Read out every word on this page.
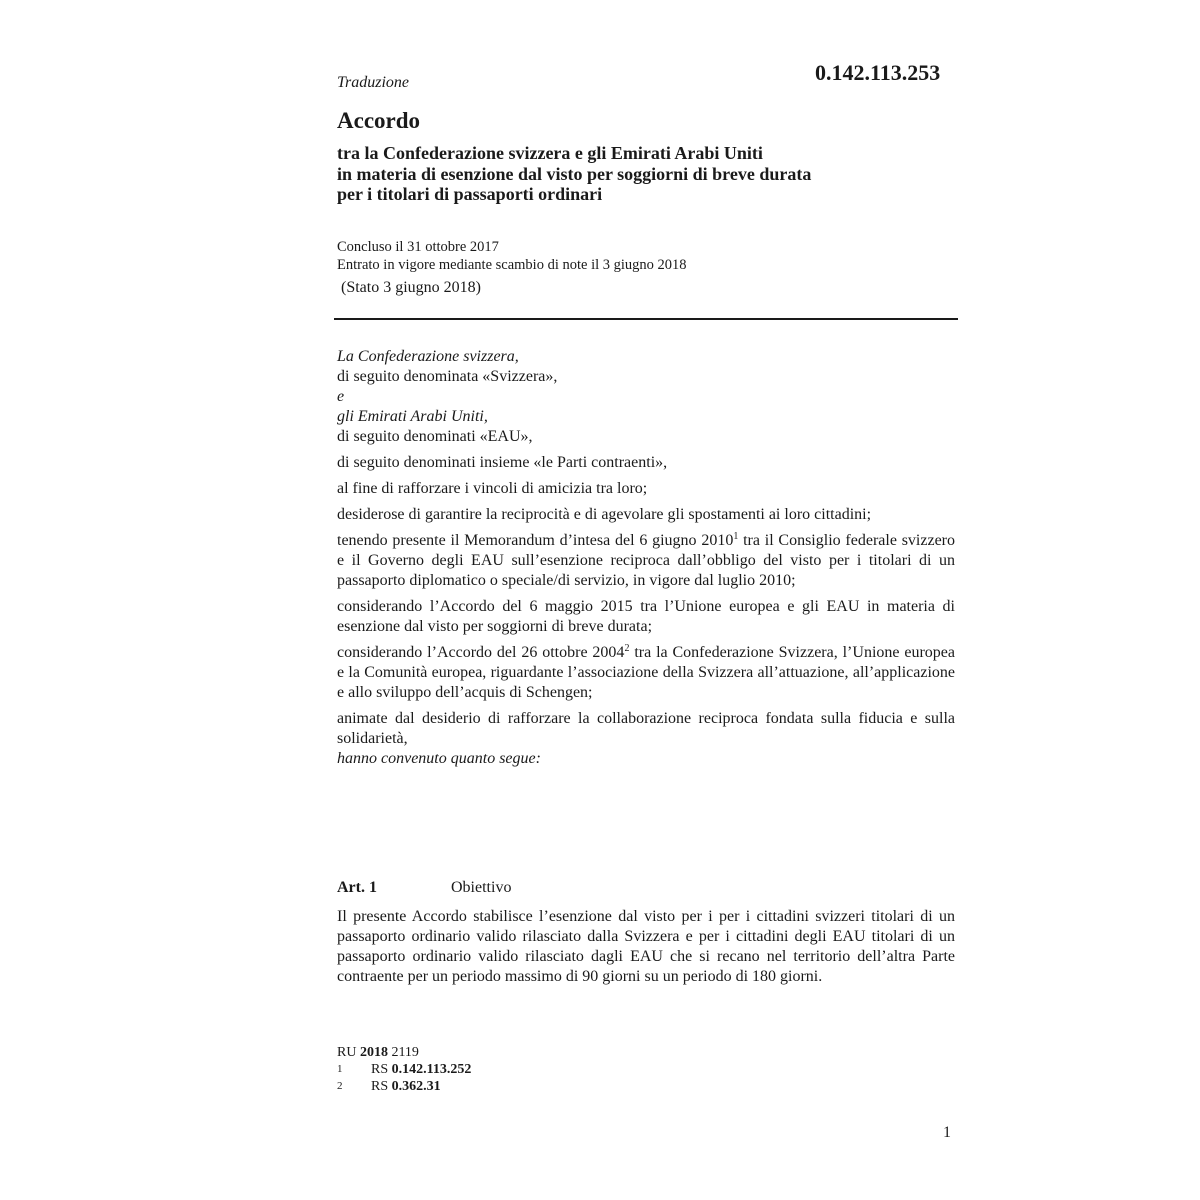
Traduzione	0.142.113.253
Accordo
tra la Confederazione svizzera e gli Emirati Arabi Uniti
in materia di esenzione dal visto per soggiorni di breve durata
per i titolari di passaporti ordinari
Concluso il 31 ottobre 2017
Entrato in vigore mediante scambio di note il 3 giugno 2018
(Stato 3 giugno 2018)

La Confederazione svizzera,

di seguito denominata «Svizzera»,

e

gli Emirati Arabi Uniti,

di seguito denominati «EAU»,

di seguito denominati insieme «le Parti contraenti»,

al fine di rafforzare i vincoli di amicizia tra loro;

desiderose di garantire la reciprocità e di agevolare gli spostamenti ai loro cittadini;

tenendo presente il Memorandum d’intesa del 6 giugno 2010$^1$ tra il Consiglio federale svizzero e il Governo degli EAU sull’esenzione reciproca dall’obbligo del visto per i titolari di un passaporto diplomatico o speciale/di servizio, in vigore dal luglio 2010;

considerando l’Accordo del 6 maggio 2015 tra l’Unione europea e gli EAU in materia di esenzione dal visto per soggiorni di breve durata;

considerando l’Accordo del 26 ottobre 2004$^2$ tra la Confederazione Svizzera, l’Unione europea e la Comunità europea, riguardante l’associazione della Svizzera all’attuazione, all’applicazione e allo sviluppo dell’acquis di Schengen;

animate dal desiderio di rafforzare la collaborazione reciproca fondata sulla fiducia e sulla solidarietà,

hanno convenuto quanto segue:

Art. 1	Obiettivo
Il presente Accordo stabilisce l’esenzione dal visto per i per i cittadini svizzeri titolari di un passaporto ordinario valido rilasciato dalla Svizzera e per i cittadini degli EAU titolari di un passaporto ordinario valido rilasciato dagli EAU che si recano nel territorio dell’altra Parte contraente per un periodo massimo di 90 giorni su un periodo di 180 giorni.
RU 2018 2119
1 RS 0.142.113.252
2 RS 0.362.31
1
